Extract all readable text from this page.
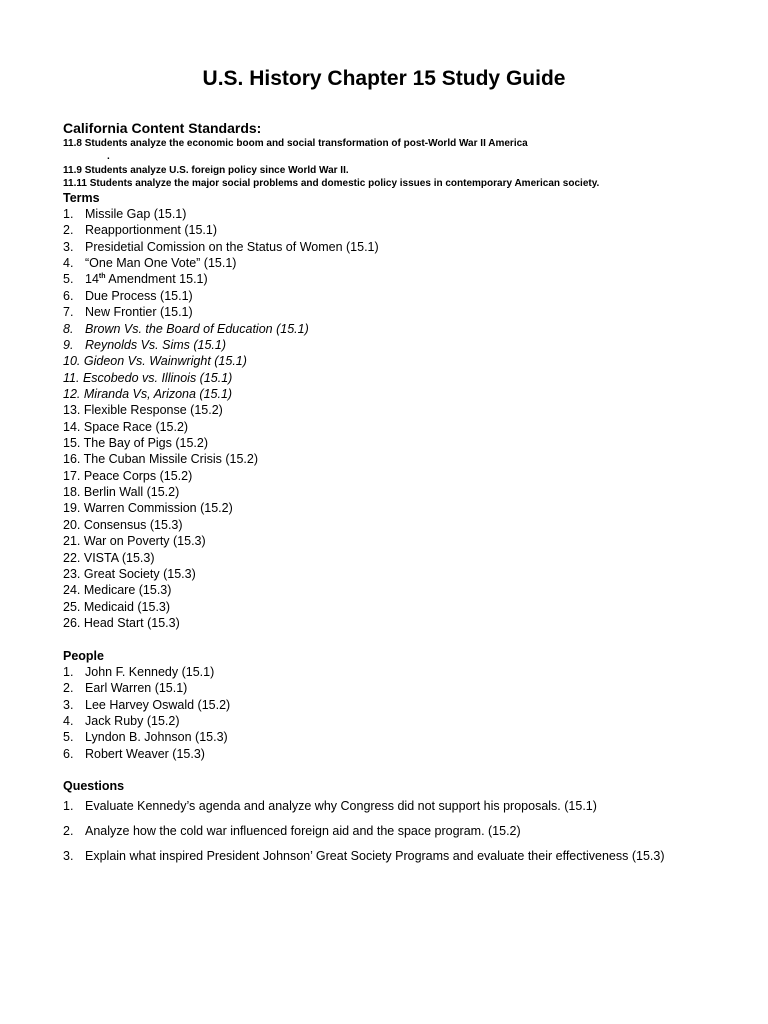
U.S. History Chapter 15 Study Guide
California Content Standards:
11.8 Students analyze the economic boom and social transformation of post-World War II America
.
11.9 Students analyze U.S. foreign policy since World War II.
11.11 Students analyze the major social problems and domestic policy issues in contemporary American society.
Terms
1. Missile Gap (15.1)
2. Reapportionment (15.1)
3. Presidetial Comission on the Status of Women (15.1)
4. “One Man One Vote” (15.1)
5. 14th Amendment 15.1)
6. Due Process (15.1)
7. New Frontier (15.1)
8. Brown Vs. the Board of Education (15.1)
9. Reynolds Vs. Sims (15.1)
10. Gideon Vs. Wainwright (15.1)
11. Escobedo vs. Illinois (15.1)
12. Miranda Vs, Arizona (15.1)
13. Flexible Response (15.2)
14. Space Race (15.2)
15. The Bay of Pigs (15.2)
16. The Cuban Missile Crisis (15.2)
17. Peace Corps (15.2)
18. Berlin Wall (15.2)
19. Warren Commission (15.2)
20. Consensus (15.3)
21. War on Poverty (15.3)
22. VISTA (15.3)
23. Great Society (15.3)
24. Medicare (15.3)
25. Medicaid (15.3)
26. Head Start (15.3)
People
1. John F. Kennedy (15.1)
2. Earl Warren (15.1)
3. Lee Harvey Oswald (15.2)
4. Jack Ruby (15.2)
5. Lyndon B. Johnson (15.3)
6. Robert Weaver (15.3)
Questions
1. Evaluate Kennedy’s agenda and analyze why Congress did not support his proposals. (15.1)
2. Analyze how the cold war influenced foreign aid and the space program. (15.2)
3. Explain what inspired President Johnson’ Great Society Programs and evaluate their effectiveness (15.3)
